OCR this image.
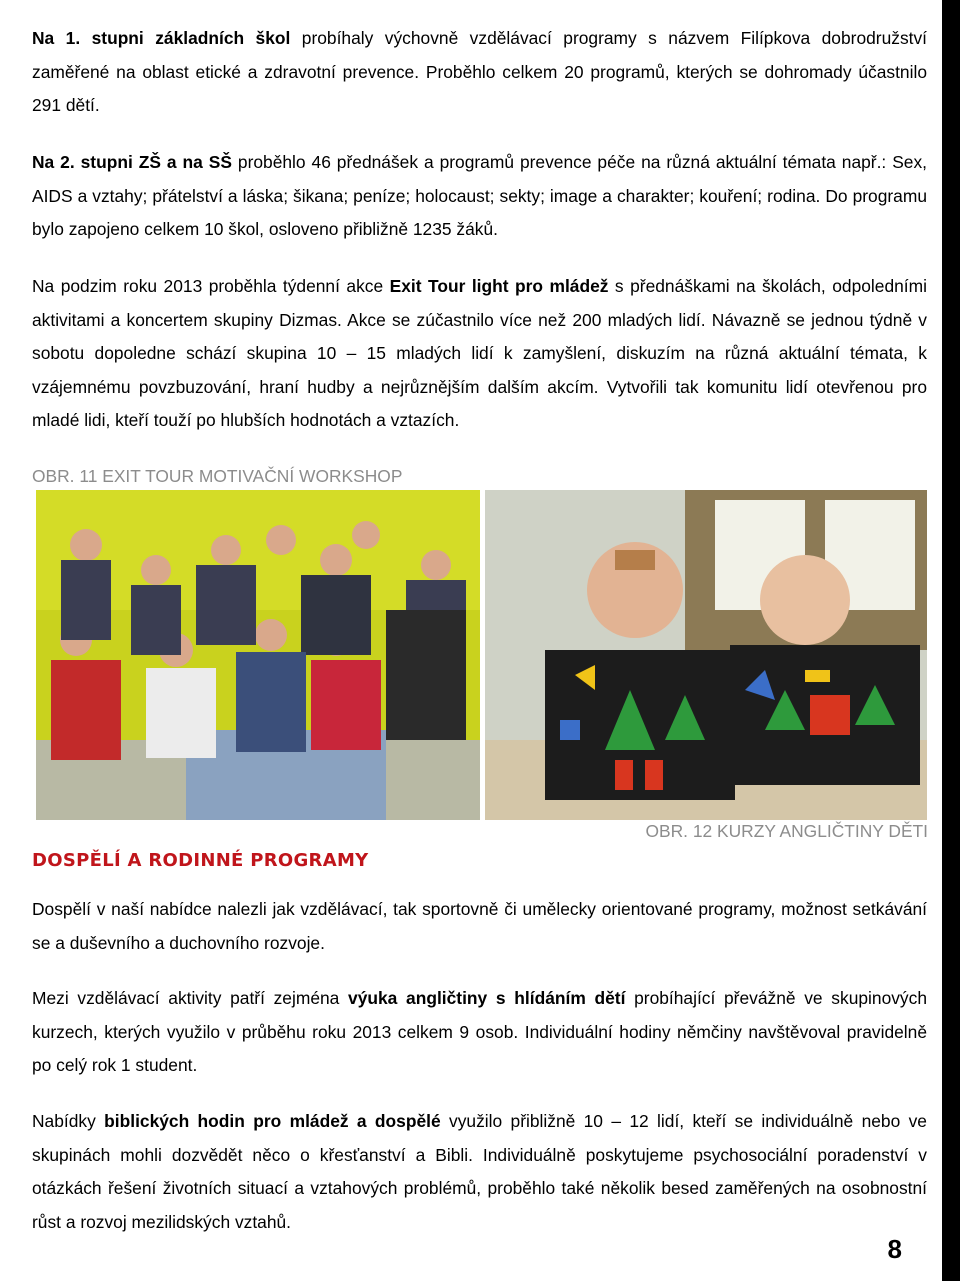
Na 1. stupni základních škol probíhaly výchovně vzdělávací programy s názvem Filípkova dobrodružství zaměřené na oblast etické a zdravotní prevence. Proběhlo celkem 20 programů, kterých se dohromady účastnilo 291 dětí.

Na 2. stupni ZŠ a na SŠ proběhlo 46 přednášek a programů prevence péče na různá aktuální témata např.: Sex, AIDS a vztahy; přátelství a láska; šikana; peníze; holocaust; sekty; image a charakter; kouření; rodina. Do programu bylo zapojeno celkem 10 škol, osloveno přibližně 1235 žáků.

Na podzim roku 2013 proběhla týdenní akce Exit Tour light pro mládež s přednáškami na školách, odpoledními aktivitami a koncertem skupiny Dizmas. Akce se zúčastnilo více než 200 mladých lidí. Návazně se jednou týdně v sobotu dopoledne schází skupina 10 – 15 mladých lidí k zamyšlení, diskuzím na různá aktuální témata, k vzájemnému povzbuzování, hraní hudby a nejrůznějším dalším akcím. Vytvořili tak komunitu lidí otevřenou pro mladé lidi, kteří touží po hlubších hodnotách a vztazích.

OBR. 11 EXIT TOUR MOTIVAČNÍ WORKSHOP
OBR. 12 KURZY ANGLIČTINY DĚTI
DOSPĚLÍ A RODINNÉ PROGRAMY

Dospělí v naší nabídce nalezli jak vzdělávací, tak sportovně či umělecky orientované programy, možnost setkávání se a duševního a duchovního rozvoje.

Mezi vzdělávací aktivity patří zejména výuka angličtiny s hlídáním dětí probíhající převážně ve skupinových kurzech, kterých využilo v průběhu roku 2013 celkem 9 osob. Individuální hodiny němčiny navštěvoval pravidelně po celý rok 1 student.

Nabídky biblických hodin pro mládež a dospělé využilo přibližně 10 – 12 lidí, kteří se individuálně nebo ve skupinách mohli dozvědět něco o křesťanství a Bibli. Individuálně poskytujeme psychosociální poradenství v otázkách řešení životních situací a vztahových problémů, proběhlo také několik besed zaměřených na osobnostní růst a rozvoj mezilidských vztahů.

8
